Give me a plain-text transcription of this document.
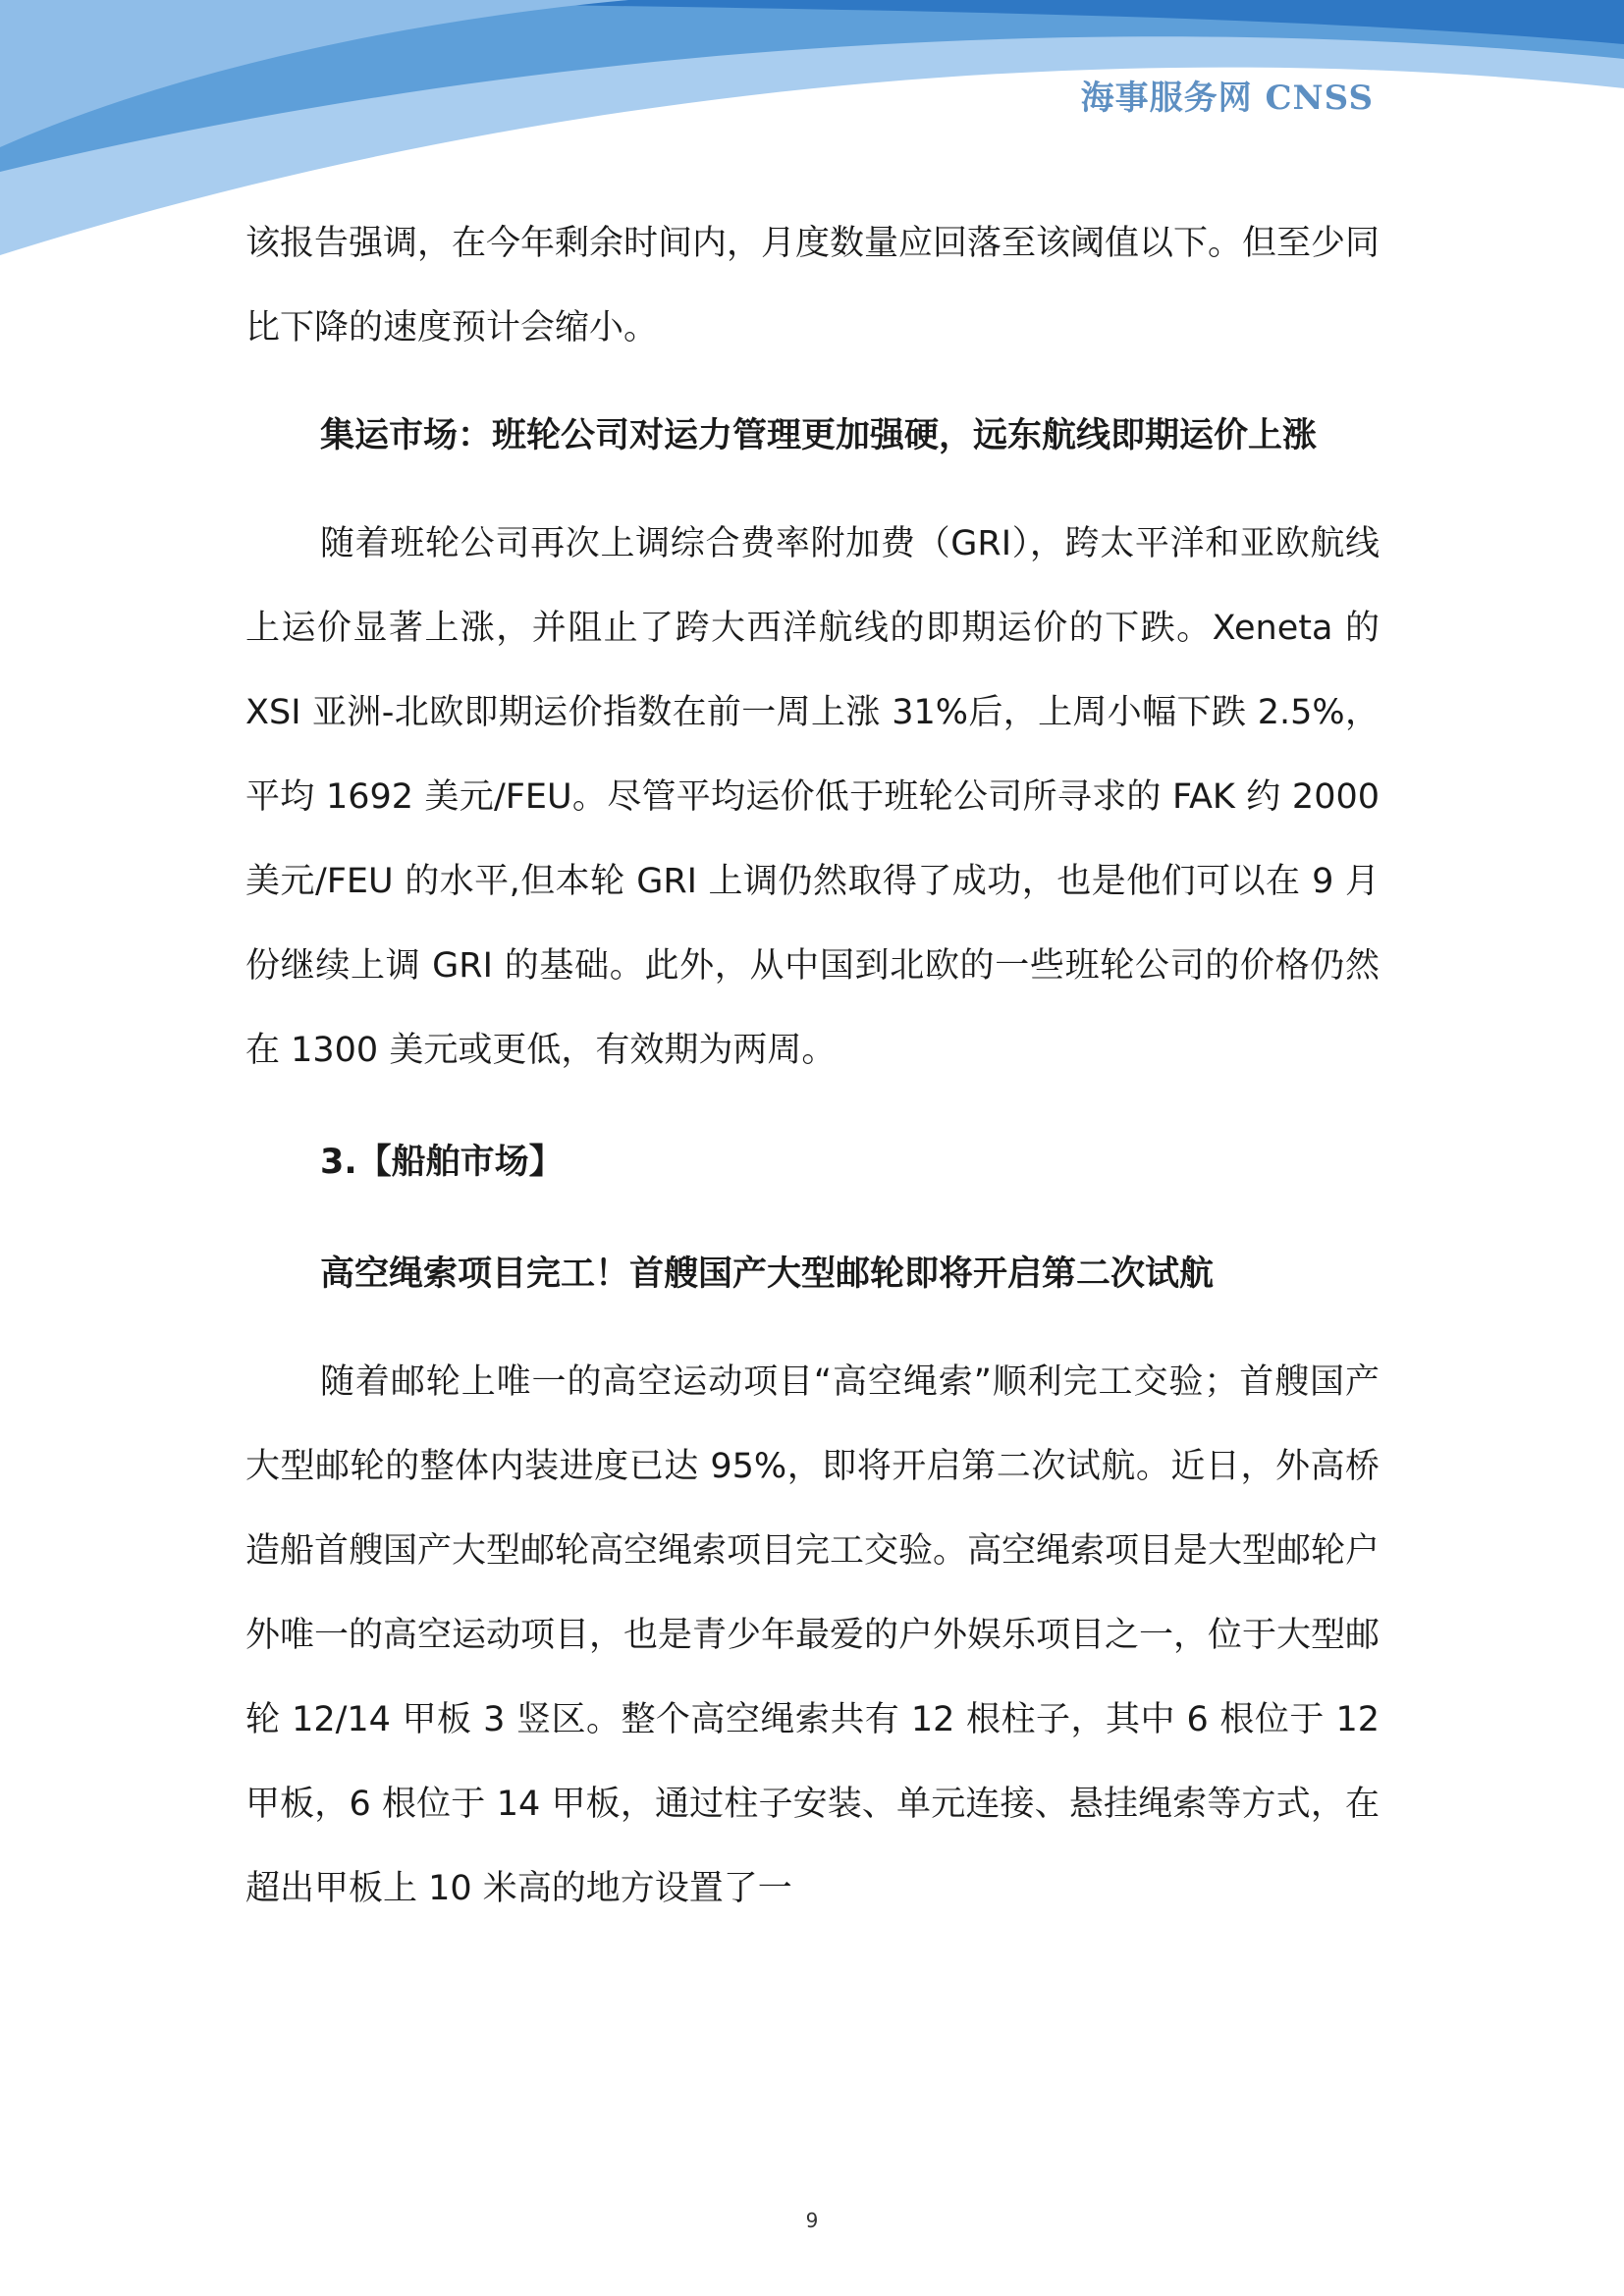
海事服务网 CNSS

该报告强调，在今年剩余时间内，月度数量应回落至该阈值以下。但至少同比下降的速度预计会缩小。

集运市场：班轮公司对运力管理更加强硬，远东航线即期运价上涨

随着班轮公司再次上调综合费率附加费（GRI），跨太平洋和亚欧航线上运价显著上涨，并阻止了跨大西洋航线的即期运价的下跌。Xeneta 的 XSI 亚洲-北欧即期运价指数在前一周上涨 31%后，上周小幅下跌 2.5%，平均 1692 美元/FEU。尽管平均运价低于班轮公司所寻求的 FAK 约 2000 美元/FEU 的水平,但本轮 GRI 上调仍然取得了成功，也是他们可以在 9 月份继续上调 GRI 的基础。此外，从中国到北欧的一些班轮公司的价格仍然在 1300 美元或更低，有效期为两周。

3.【船舶市场】

高空绳索项目完工！首艘国产大型邮轮即将开启第二次试航

随着邮轮上唯一的高空运动项目“高空绳索”顺利完工交验；首艘国产大型邮轮的整体内装进度已达 95%，即将开启第二次试航。近日，外高桥造船首艘国产大型邮轮高空绳索项目完工交验。高空绳索项目是大型邮轮户外唯一的高空运动项目，也是青少年最爱的户外娱乐项目之一，位于大型邮轮 12/14 甲板 3 竖区。整个高空绳索共有 12 根柱子，其中 6 根位于 12 甲板，6 根位于 14 甲板，通过柱子安装、单元连接、悬挂绳索等方式，在超出甲板上 10 米高的地方设置了一

9
